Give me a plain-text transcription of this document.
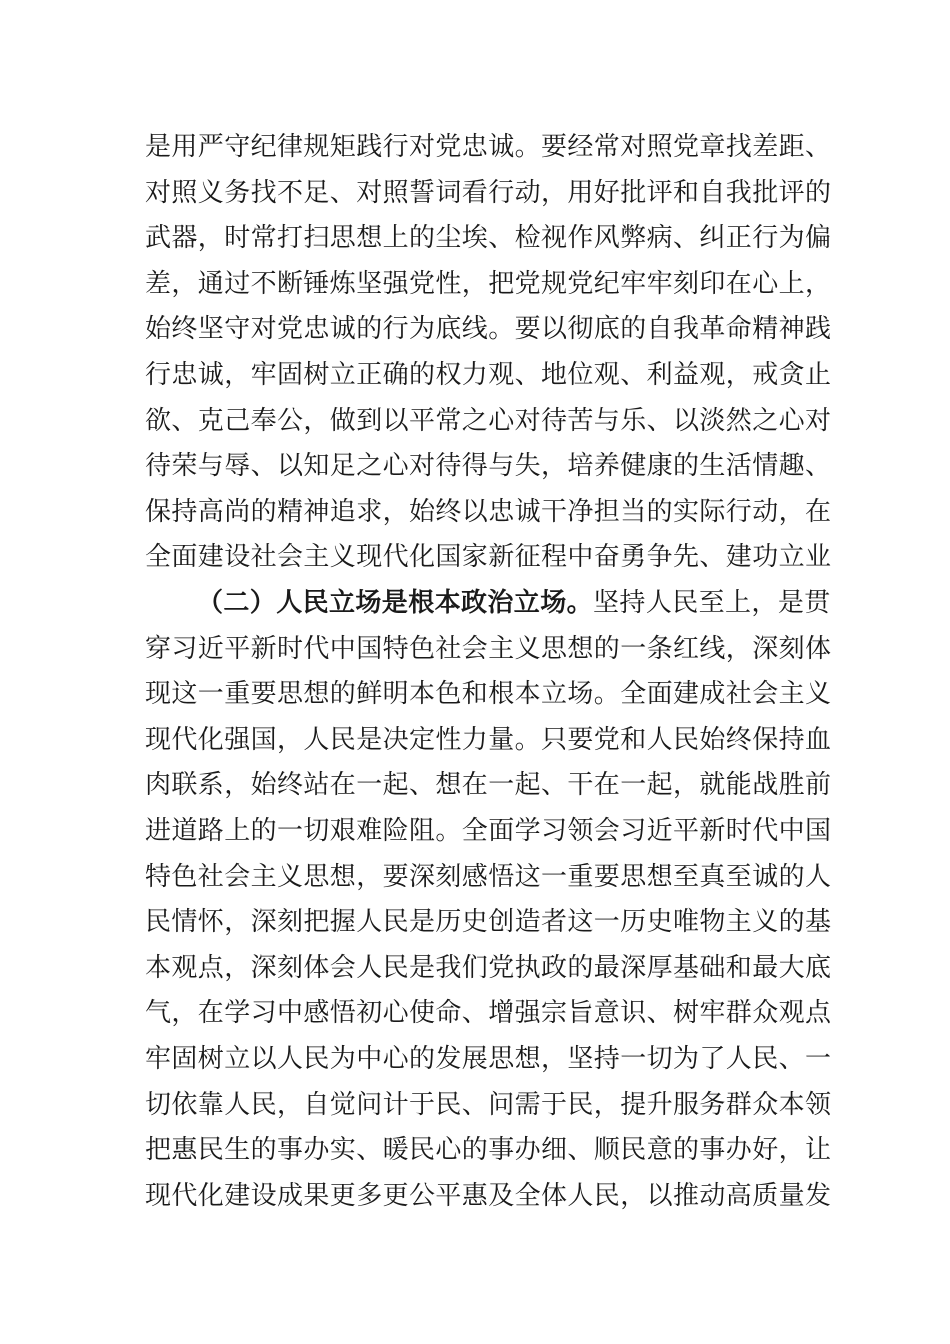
是用严守纪律规矩践行对党忠诚。要经常对照党章找差距、
对照义务找不足、对照誓词看行动，用好批评和自我批评的
武器，时常打扫思想上的尘埃、检视作风弊病、纠正行为偏
差，通过不断锤炼坚强党性，把党规党纪牢牢刻印在心上，
始终坚守对党忠诚的行为底线。要以彻底的自我革命精神践
行忠诚，牢固树立正确的权力观、地位观、利益观，戒贪止
欲、克己奉公，做到以平常之心对待苦与乐、以淡然之心对
待荣与辱、以知足之心对待得与失，培养健康的生活情趣、
保持高尚的精神追求，始终以忠诚干净担当的实际行动，在
全面建设社会主义现代化国家新征程中奋勇争先、建功立业
（二）人民立场是根本政治立场。坚持人民至上，是贯
穿习近平新时代中国特色社会主义思想的一条红线，深刻体
现这一重要思想的鲜明本色和根本立场。全面建成社会主义
现代化强国，人民是决定性力量。只要党和人民始终保持血
肉联系，始终站在一起、想在一起、干在一起，就能战胜前
进道路上的一切艰难险阻。全面学习领会习近平新时代中国
特色社会主义思想，要深刻感悟这一重要思想至真至诚的人
民情怀，深刻把握人民是历史创造者这一历史唯物主义的基
本观点，深刻体会人民是我们党执政的最深厚基础和最大底
气，在学习中感悟初心使命、增强宗旨意识、树牢群众观点
牢固树立以人民为中心的发展思想，坚持一切为了人民、一
切依靠人民，自觉问计于民、问需于民，提升服务群众本领
把惠民生的事办实、暖民心的事办细、顺民意的事办好，让
现代化建设成果更多更公平惠及全体人民，以推动高质量发
